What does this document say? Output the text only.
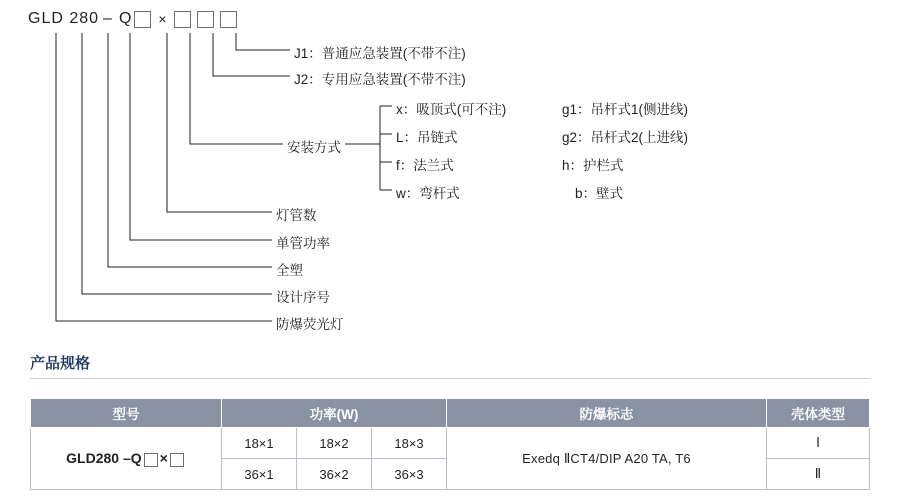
GLD 280 – Q ×
J1：普通应急装置(不带不注)
J2：专用应急装置(不带不注)
安装方式
x：吸顶式(可不注)
L：吊链式
f：法兰式
w：弯杆式
g1：吊杆式1(侧进线)
g2：吊杆式2(上进线)
h：护栏式
b：壁式
灯管数
单管功率
全塑
设计序号
防爆荧光灯
产品规格
型号	功率(W)			防爆标志	壳体类型
GLD280 –Q ×	18×1	18×2	18×3	Exedq ⅡCT4/DIP A20 TA, T6	Ⅰ
	36×1	36×2	36×3		Ⅱ
